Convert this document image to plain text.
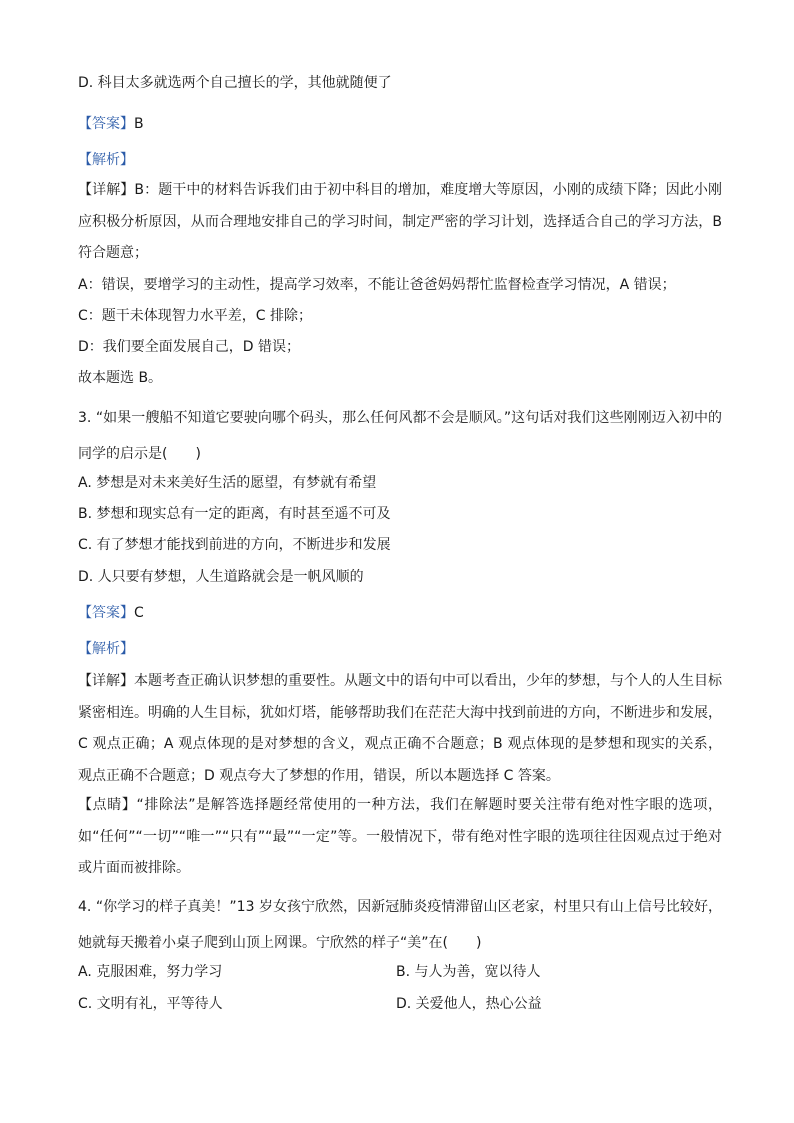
D. 科目太多就选两个自己擅长的学，其他就随便了
【答案】B
【解析】
【详解】B：题干中的材料告诉我们由于初中科目的增加，难度增大等原因，小刚的成绩下降；因此小刚应积极分析原因，从而合理地安排自己的学习时间，制定严密的学习计划，选择适合自己的学习方法，B 符合题意；
A：错误，要增学习的主动性，提高学习效率，不能让爸爸妈妈帮忙监督检查学习情况，A 错误；
C：题干未体现智力水平差，C 排除；
D：我们要全面发展自己，D 错误；
故本题选 B。
3. “如果一艘船不知道它要驶向哪个码头，那么任何风都不会是顺风。”这句话对我们这些刚刚迈入初中的同学的启示是(　　)
A. 梦想是对未来美好生活的愿望，有梦就有希望
B. 梦想和现实总有一定的距离，有时甚至遥不可及
C. 有了梦想才能找到前进的方向，不断进步和发展
D. 人只要有梦想，人生道路就会是一帆风顺的
【答案】C
【解析】
【详解】本题考查正确认识梦想的重要性。从题文中的语句中可以看出，少年的梦想，与个人的人生目标紧密相连。明确的人生目标，犹如灯塔，能够帮助我们在茫茫大海中找到前进的方向，不断进步和发展，C 观点正确；A 观点体现的是对梦想的含义，观点正确不合题意；B 观点体现的是梦想和现实的关系，观点正确不合题意；D 观点夸大了梦想的作用，错误，所以本题选择 C 答案。
【点睛】“排除法”是解答选择题经常使用的一种方法，我们在解题时要关注带有绝对性字眼的选项，如“任何”“一切”“唯一”“只有”“最”“一定”等。一般情况下，带有绝对性字眼的选项往往因观点过于绝对或片面而被排除。
4. “你学习的样子真美！”13 岁女孩宁欣然，因新冠肺炎疫情滞留山区老家，村里只有山上信号比较好，她就每天搬着小桌子爬到山顶上网课。宁欣然的样子“美”在(　　)
A. 克服困难，努力学习	B. 与人为善，宽以待人
C. 文明有礼，平等待人	D. 关爱他人，热心公益
